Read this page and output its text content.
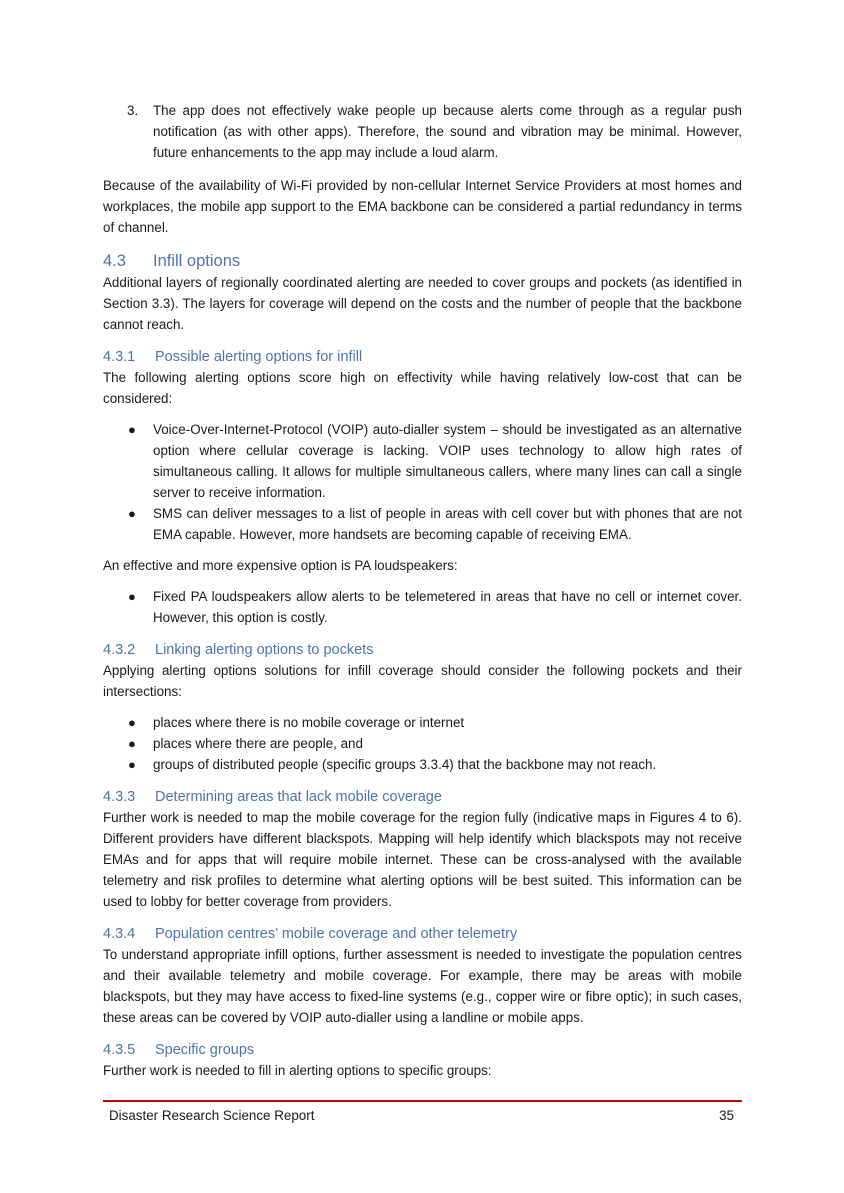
3. The app does not effectively wake people up because alerts come through as a regular push notification (as with other apps). Therefore, the sound and vibration may be minimal. However, future enhancements to the app may include a loud alarm.

Because of the availability of Wi-Fi provided by non-cellular Internet Service Providers at most homes and workplaces, the mobile app support to the EMA backbone can be considered a partial redundancy in terms of channel.

4.3 Infill options

Additional layers of regionally coordinated alerting are needed to cover groups and pockets (as identified in Section 3.3). The layers for coverage will depend on the costs and the number of people that the backbone cannot reach.

4.3.1 Possible alerting options for infill

The following alerting options score high on effectivity while having relatively low-cost that can be considered:

● Voice-Over-Internet-Protocol (VOIP) auto-dialler system – should be investigated as an alternative option where cellular coverage is lacking. VOIP uses technology to allow high rates of simultaneous calling. It allows for multiple simultaneous callers, where many lines can call a single server to receive information.
● SMS can deliver messages to a list of people in areas with cell cover but with phones that are not EMA capable. However, more handsets are becoming capable of receiving EMA.

An effective and more expensive option is PA loudspeakers:

● Fixed PA loudspeakers allow alerts to be telemetered in areas that have no cell or internet cover. However, this option is costly.
4.3.2 Linking alerting options to pockets

Applying alerting options solutions for infill coverage should consider the following pockets and their intersections:

● places where there is no mobile coverage or internet
● places where there are people, and
● groups of distributed people (specific groups 3.3.4) that the backbone may not reach.
4.3.3 Determining areas that lack mobile coverage

Further work is needed to map the mobile coverage for the region fully (indicative maps in Figures 4 to 6). Different providers have different blackspots. Mapping will help identify which blackspots may not receive EMAs and for apps that will require mobile internet. These can be cross-analysed with the available telemetry and risk profiles to determine what alerting options will be best suited. This information can be used to lobby for better coverage from providers.

4.3.4 Population centres’ mobile coverage and other telemetry

To understand appropriate infill options, further assessment is needed to investigate the population centres and their available telemetry and mobile coverage. For example, there may be areas with mobile blackspots, but they may have access to fixed-line systems (e.g., copper wire or fibre optic); in such cases, these areas can be covered by VOIP auto-dialler using a landline or mobile apps.

4.3.5 Specific groups

Further work is needed to fill in alerting options to specific groups:

Disaster Research Science Report	35
